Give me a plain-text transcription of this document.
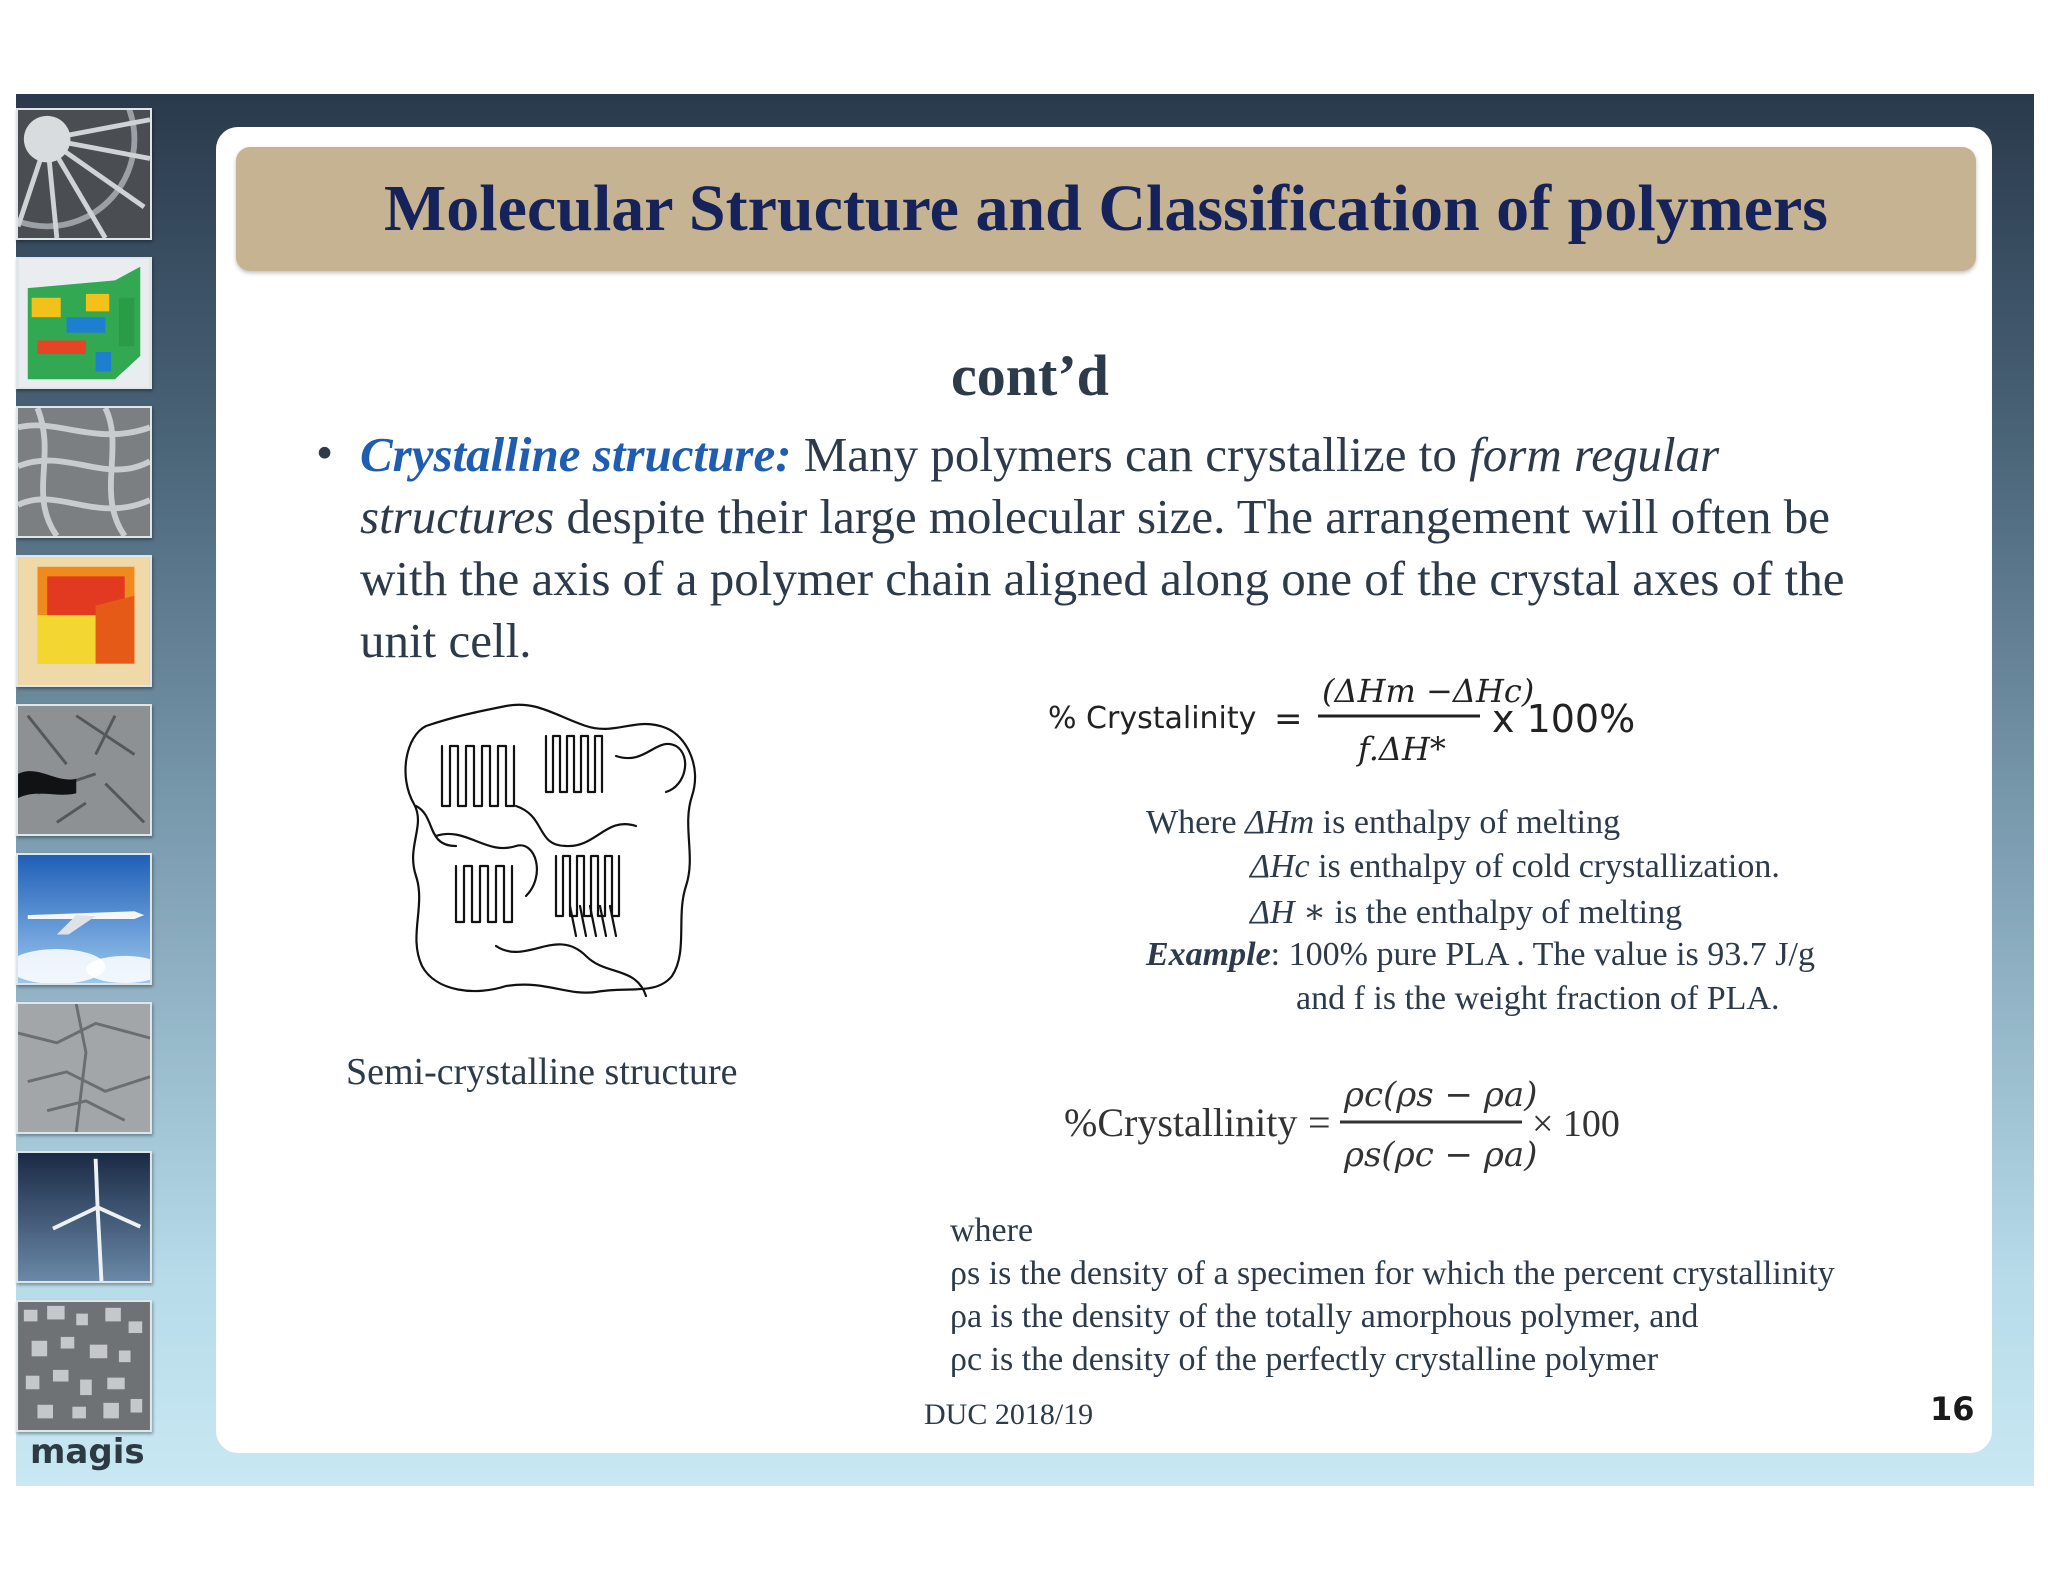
magis
Molecular Structure and Classification of polymers
cont’d
• Crystalline structure: Many polymers can crystallize to form regular structures despite their large molecular size. The arrangement will often be with the axis of a polymer chain aligned along one of the crystal axes of the unit cell.
Semi-crystalline structure
% Crystalinity =
(ΔHm −ΔHc)
f.ΔH*
x 100%
Where ΔHm is enthalpy of melting
ΔHc is enthalpy of cold crystallization.
ΔH ∗ is the enthalpy of melting
Example: 100% pure PLA . The value is 93.7 J/g
and f is the weight fraction of PLA.
%Crystallinity =
ρc(ρs − ρa)
ρs(ρc − ρa)
× 100
where
ρs is the density of a specimen for which the percent crystallinity
ρa is the density of the totally amorphous polymer, and
ρc is the density of the perfectly crystalline polymer
DUC 2018/19	16
